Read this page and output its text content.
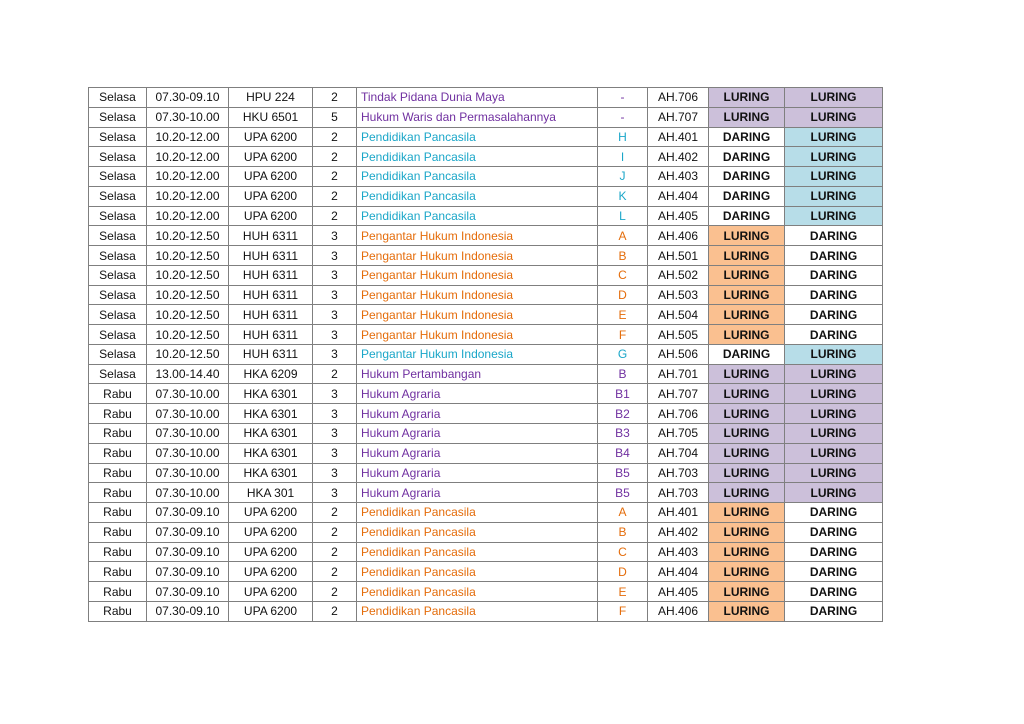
Selasa	07.30-09.10	HPU 224	2	Tindak Pidana Dunia Maya	-	AH.706	LURING	LURING
Selasa	07.30-10.00	HKU 6501	5	Hukum Waris dan Permasalahannya	-	AH.707	LURING	LURING
Selasa	10.20-12.00	UPA 6200	2	Pendidikan Pancasila	H	AH.401	DARING	LURING
Selasa	10.20-12.00	UPA 6200	2	Pendidikan Pancasila	I	AH.402	DARING	LURING
Selasa	10.20-12.00	UPA 6200	2	Pendidikan Pancasila	J	AH.403	DARING	LURING
Selasa	10.20-12.00	UPA 6200	2	Pendidikan Pancasila	K	AH.404	DARING	LURING
Selasa	10.20-12.00	UPA 6200	2	Pendidikan Pancasila	L	AH.405	DARING	LURING
Selasa	10.20-12.50	HUH 6311	3	Pengantar Hukum Indonesia	A	AH.406	LURING	DARING
Selasa	10.20-12.50	HUH 6311	3	Pengantar Hukum Indonesia	B	AH.501	LURING	DARING
Selasa	10.20-12.50	HUH 6311	3	Pengantar Hukum Indonesia	C	AH.502	LURING	DARING
Selasa	10.20-12.50	HUH 6311	3	Pengantar Hukum Indonesia	D	AH.503	LURING	DARING
Selasa	10.20-12.50	HUH 6311	3	Pengantar Hukum Indonesia	E	AH.504	LURING	DARING
Selasa	10.20-12.50	HUH 6311	3	Pengantar Hukum Indonesia	F	AH.505	LURING	DARING
Selasa	10.20-12.50	HUH 6311	3	Pengantar Hukum Indonesia	G	AH.506	DARING	LURING
Selasa	13.00-14.40	HKA 6209	2	Hukum Pertambangan	B	AH.701	LURING	LURING
Rabu	07.30-10.00	HKA 6301	3	Hukum Agraria	B1	AH.707	LURING	LURING
Rabu	07.30-10.00	HKA 6301	3	Hukum Agraria	B2	AH.706	LURING	LURING
Rabu	07.30-10.00	HKA 6301	3	Hukum Agraria	B3	AH.705	LURING	LURING
Rabu	07.30-10.00	HKA 6301	3	Hukum Agraria	B4	AH.704	LURING	LURING
Rabu	07.30-10.00	HKA 6301	3	Hukum Agraria	B5	AH.703	LURING	LURING
Rabu	07.30-10.00	HKA 301	3	Hukum Agraria	B5	AH.703	LURING	LURING
Rabu	07.30-09.10	UPA 6200	2	Pendidikan Pancasila	A	AH.401	LURING	DARING
Rabu	07.30-09.10	UPA 6200	2	Pendidikan Pancasila	B	AH.402	LURING	DARING
Rabu	07.30-09.10	UPA 6200	2	Pendidikan Pancasila	C	AH.403	LURING	DARING
Rabu	07.30-09.10	UPA 6200	2	Pendidikan Pancasila	D	AH.404	LURING	DARING
Rabu	07.30-09.10	UPA 6200	2	Pendidikan Pancasila	E	AH.405	LURING	DARING
Rabu	07.30-09.10	UPA 6200	2	Pendidikan Pancasila	F	AH.406	LURING	DARING
